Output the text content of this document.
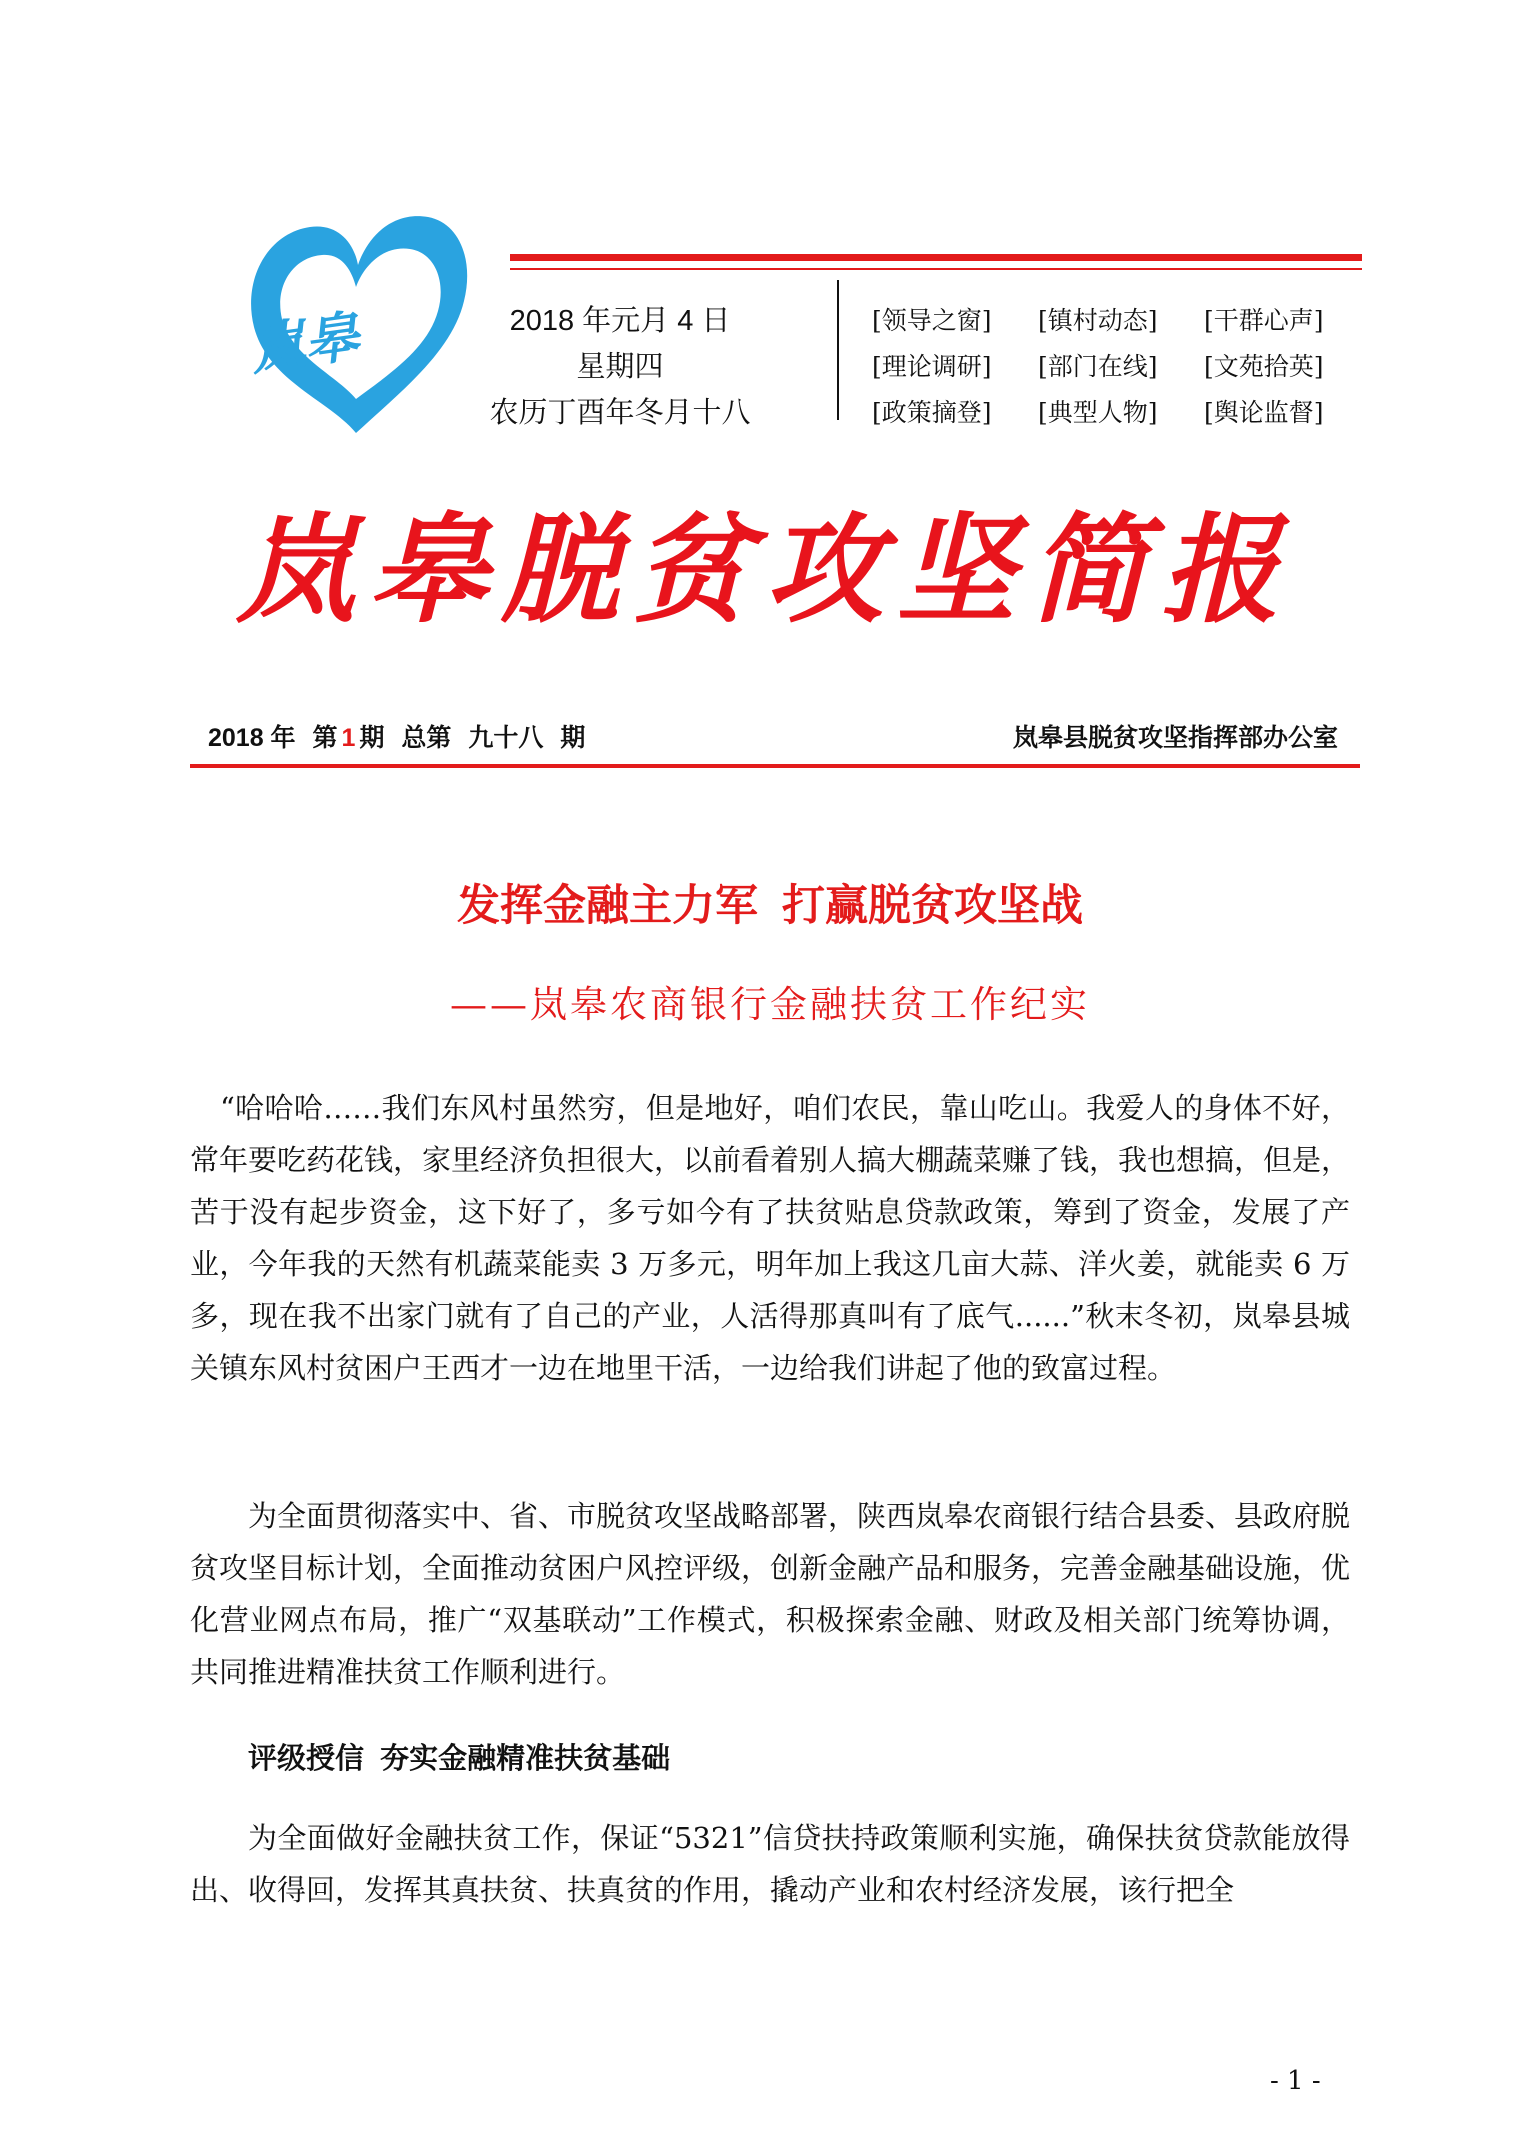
岚皋	2018 年元月 4 日
星期四
农历丁酉年冬月十八
[领导之窗]	[镇村动态]	[干群心声]
[理论调研]	[部门在线]	[文苑拾英]
[政策摘登]	[典型人物]	[舆论监督]
岚皋脱贫攻坚简报
2018 年 第 1 期 总第 九十八 期	岚皋县脱贫攻坚指挥部办公室
发挥金融主力军  打赢脱贫攻坚战
——岚皋农商银行金融扶贫工作纪实
“哈哈哈……我们东风村虽然穷，但是地好，咱们农民，靠山吃山。我爱人的身体不好，常年要吃药花钱，家里经济负担很大，以前看着别人搞大棚蔬菜赚了钱，我也想搞，但是，苦于没有起步资金，这下好了，多亏如今有了扶贫贴息贷款政策，筹到了资金，发展了产业，今年我的天然有机蔬菜能卖 3 万多元，明年加上我这几亩大蒜、洋火姜，就能卖 6 万多，现在我不出家门就有了自己的产业，人活得那真叫有了底气......”秋末冬初，岚皋县城关镇东风村贫困户王西才一边在地里干活，一边给我们讲起了他的致富过程。
为全面贯彻落实中、省、市脱贫攻坚战略部署，陕西岚皋农商银行结合县委、县政府脱贫攻坚目标计划，全面推动贫困户风控评级，创新金融产品和服务，完善金融基础设施，优化营业网点布局，推广“双基联动”工作模式，积极探索金融、财政及相关部门统筹协调，共同推进精准扶贫工作顺利进行。
评级授信  夯实金融精准扶贫基础
为全面做好金融扶贫工作，保证“5321”信贷扶持政策顺利实施，确保扶贫贷款能放得出、收得回，发挥其真扶贫、扶真贫的作用，撬动产业和农村经济发展，该行把全
- 1 -
